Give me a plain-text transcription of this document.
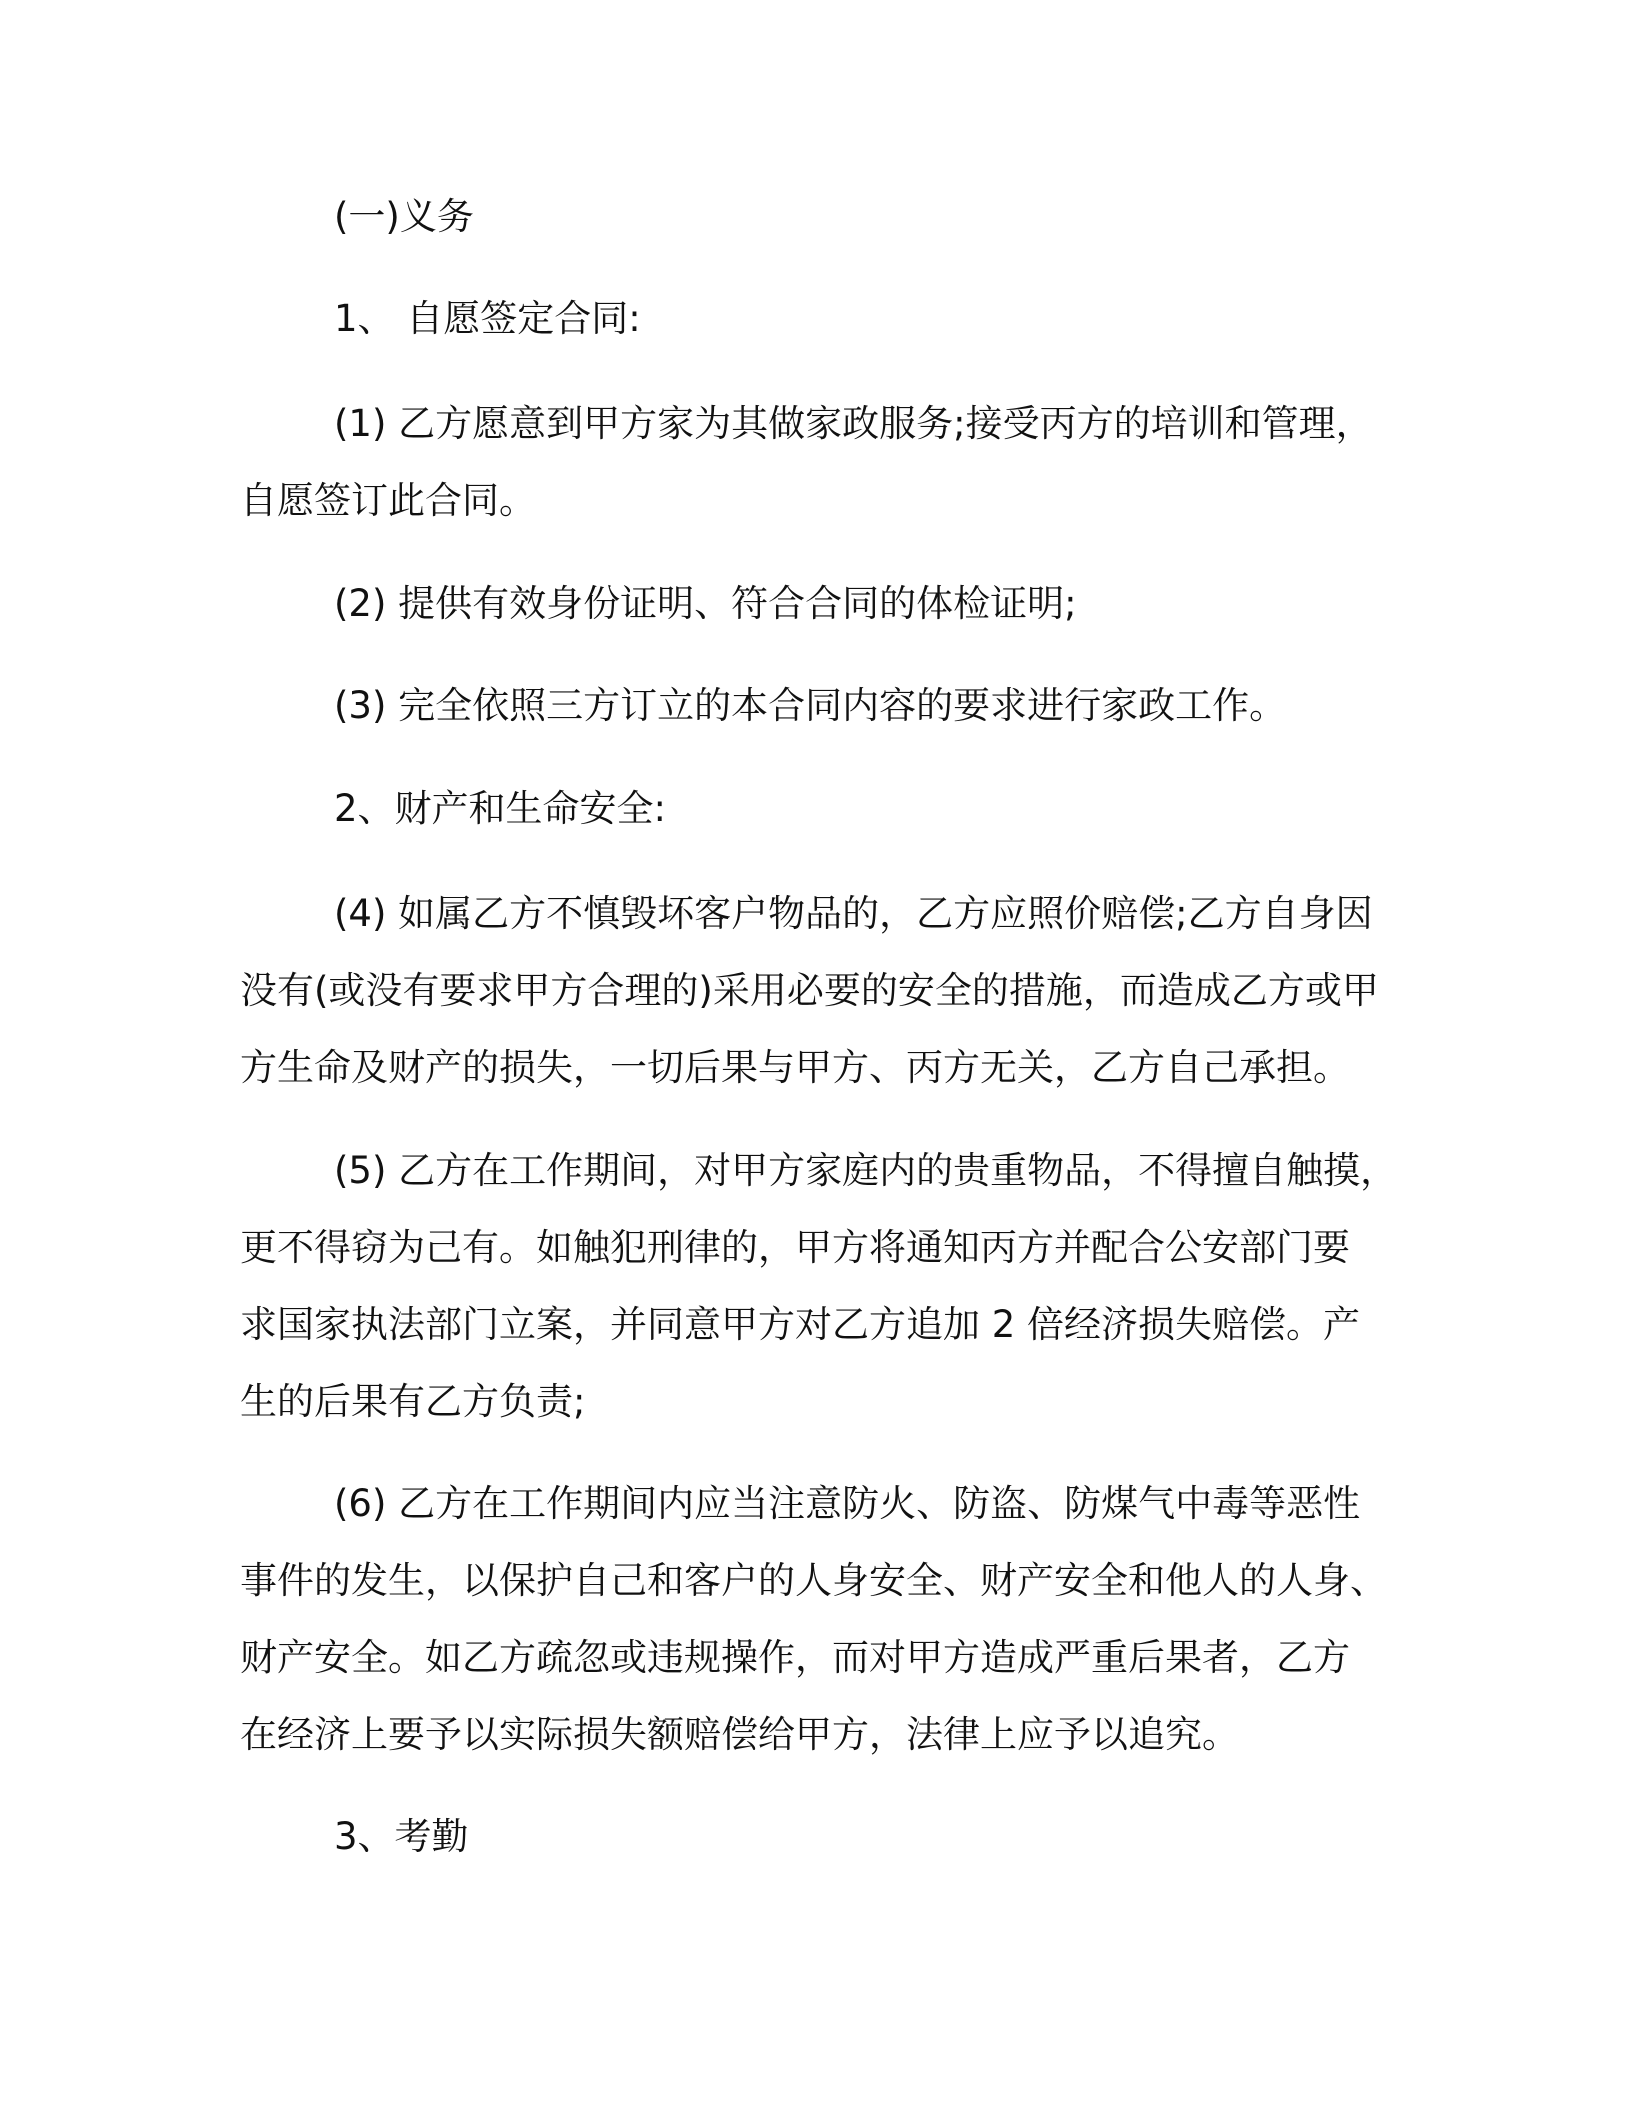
(一)义务

1、 自愿签定合同:

(1) 乙方愿意到甲方家为其做家政服务;接受丙方的培训和管理，
自愿签订此合同。

(2) 提供有效身份证明、符合合同的体检证明;

(3) 完全依照三方订立的本合同内容的要求进行家政工作。

2、财产和生命安全:

(4) 如属乙方不慎毁坏客户物品的，乙方应照价赔偿;乙方自身因
没有(或没有要求甲方合理的)采用必要的安全的措施，而造成乙方或甲
方生命及财产的损失，一切后果与甲方、丙方无关，乙方自己承担。

(5) 乙方在工作期间，对甲方家庭内的贵重物品，不得擅自触摸，
更不得窃为己有。如触犯刑律的，甲方将通知丙方并配合公安部门要
求国家执法部门立案，并同意甲方对乙方追加 2 倍经济损失赔偿。产
生的后果有乙方负责;

(6) 乙方在工作期间内应当注意防火、防盗、防煤气中毒等恶性
事件的发生，以保护自己和客户的人身安全、财产安全和他人的人身、
财产安全。如乙方疏忽或违规操作，而对甲方造成严重后果者，乙方
在经济上要予以实际损失额赔偿给甲方，法律上应予以追究。

3、考勤
